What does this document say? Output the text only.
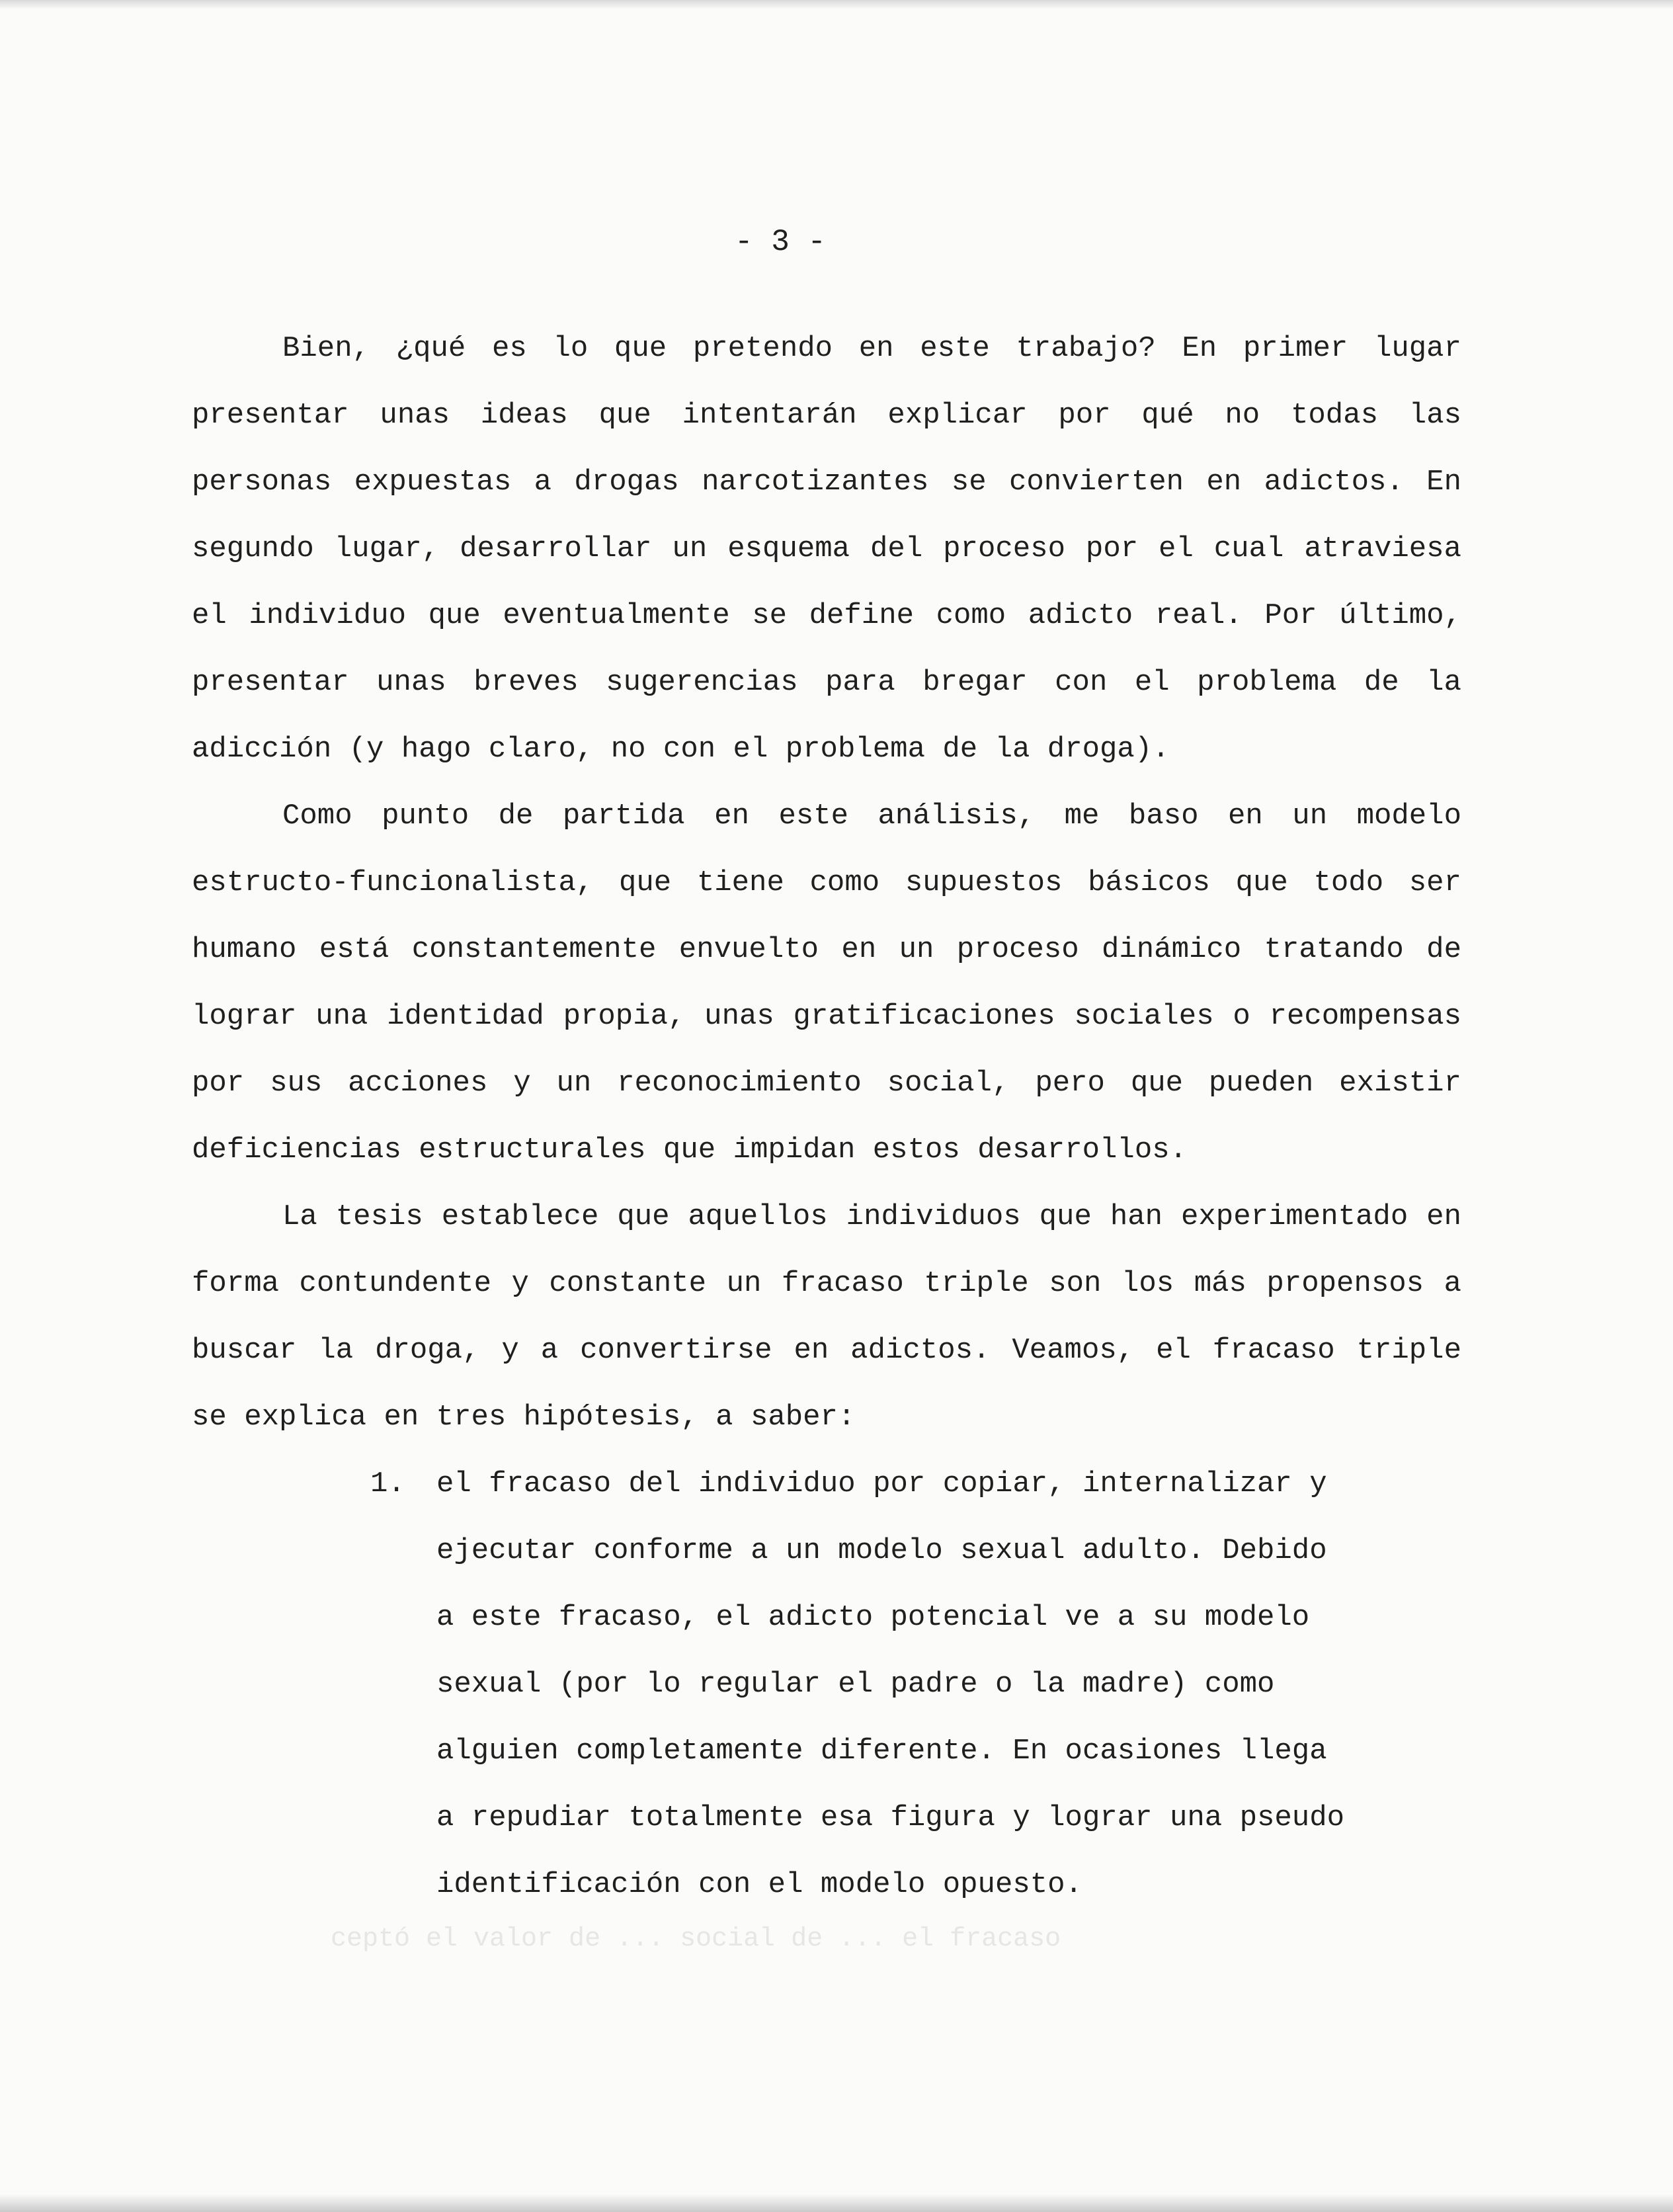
- 3 -

Bien, ¿qué es lo que pretendo en este trabajo? En primer lugar presentar unas ideas que intentarán explicar por qué no todas las personas expuestas a drogas narcotizantes se convierten en adictos. En segundo lugar, desarrollar un esquema del proceso por el cual atraviesa el individuo que eventualmente se define como adicto real. Por último, presentar unas breves sugerencias para bregar con el problema de la adicción (y hago claro, no con el problema de la droga).

Como punto de partida en este análisis, me baso en un modelo estructo-funcionalista, que tiene como supuestos básicos que todo ser humano está constantemente envuelto en un proceso dinámico tratando de lograr una identidad propia, unas gratificaciones sociales o recompensas por sus acciones y un reconocimiento social, pero que pueden existir deficiencias estructurales que impidan estos desarrollos.

La tesis establece que aquellos individuos que han experimentado en forma contundente y constante un fracaso triple son los más propensos a buscar la droga, y a convertirse en adictos. Veamos, el fracaso triple se explica en tres hipótesis, a saber:

1. el fracaso del individuo por copiar, internalizar y ejecutar conforme a un modelo sexual adulto. Debido a este fracaso, el adicto potencial ve a su modelo sexual (por lo regular el padre o la madre) como alguien completamente diferente. En ocasiones llega a repudiar totalmente esa figura y lograr una pseudo identificación con el modelo opuesto.
ceptó el valor de ... social de ... el fracaso
